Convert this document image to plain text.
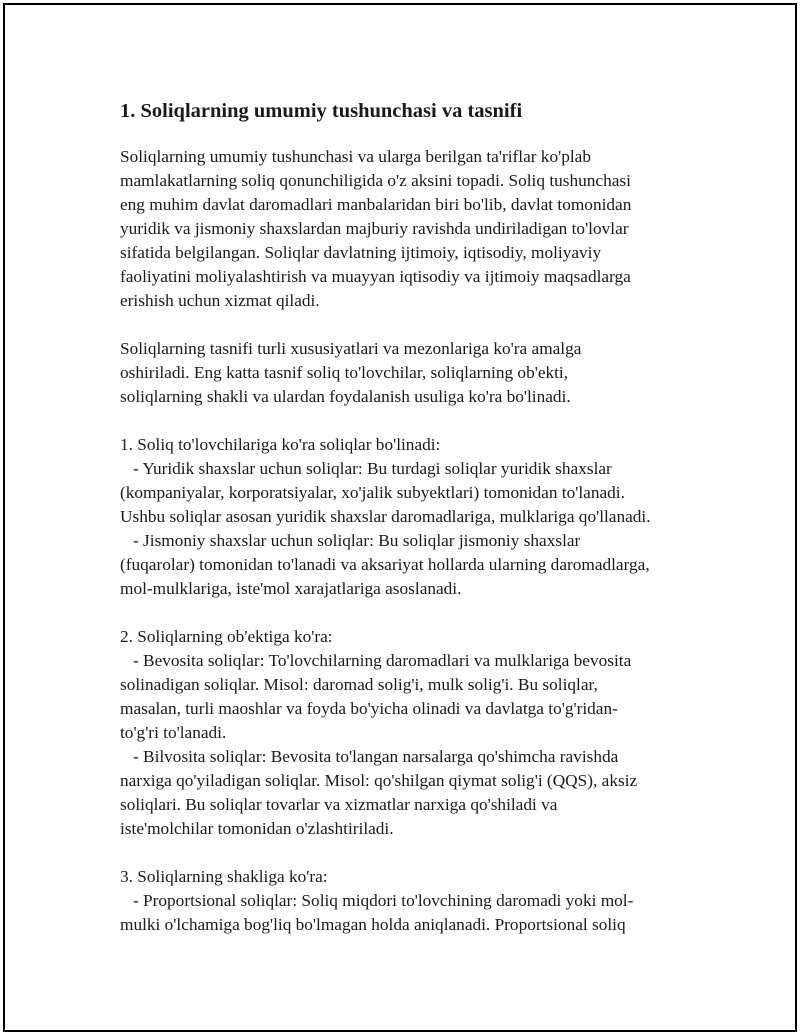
1. Soliqlarning umumiy tushunchasi va tasnifi

Soliqlarning umumiy tushunchasi va ularga berilgan ta'riflar ko'plab
mamlakatlarning soliq qonunchiligida o'z aksini topadi. Soliq tushunchasi
eng muhim davlat daromadlari manbalaridan biri bo'lib, davlat tomonidan
yuridik va jismoniy shaxslardan majburiy ravishda undiriladigan to'lovlar
sifatida belgilangan. Soliqlar davlatning ijtimoiy, iqtisodiy, moliyaviy
faoliyatini moliyalashtirish va muayyan iqtisodiy va ijtimoiy maqsadlarga
erishish uchun xizmat qiladi.

Soliqlarning tasnifi turli xususiyatlari va mezonlariga ko'ra amalga
oshiriladi. Eng katta tasnif soliq to'lovchilar, soliqlarning ob'ekti,
soliqlarning shakli va ulardan foydalanish usuliga ko'ra bo'linadi.

1. Soliq to'lovchilariga ko'ra soliqlar bo'linadi:
- Yuridik shaxslar uchun soliqlar: Bu turdagi soliqlar yuridik shaxslar
(kompaniyalar, korporatsiyalar, xo'jalik subyektlari) tomonidan to'lanadi.
Ushbu soliqlar asosan yuridik shaxslar daromadlariga, mulklariga qo'llanadi.
- Jismoniy shaxslar uchun soliqlar: Bu soliqlar jismoniy shaxslar
(fuqarolar) tomonidan to'lanadi va aksariyat hollarda ularning daromadlarga,
mol-mulklariga, iste'mol xarajatlariga asoslanadi.

2. Soliqlarning ob'ektiga ko'ra:
- Bevosita soliqlar: To'lovchilarning daromadlari va mulklariga bevosita
solinadigan soliqlar. Misol: daromad solig'i, mulk solig'i. Bu soliqlar,
masalan, turli maoshlar va foyda bo'yicha olinadi va davlatga to'g'ridan-
to'g'ri to'lanadi.
- Bilvosita soliqlar: Bevosita to'langan narsalarga qo'shimcha ravishda
narxiga qo'yiladigan soliqlar. Misol: qo'shilgan qiymat solig'i (QQS), aksiz
soliqlari. Bu soliqlar tovarlar va xizmatlar narxiga qo'shiladi va
iste'molchilar tomonidan o'zlashtiriladi.

3. Soliqlarning shakliga ko'ra:
- Proportsional soliqlar: Soliq miqdori to'lovchining daromadi yoki mol-
mulki o'lchamiga bog'liq bo'lmagan holda aniqlanadi. Proportsional soliq
